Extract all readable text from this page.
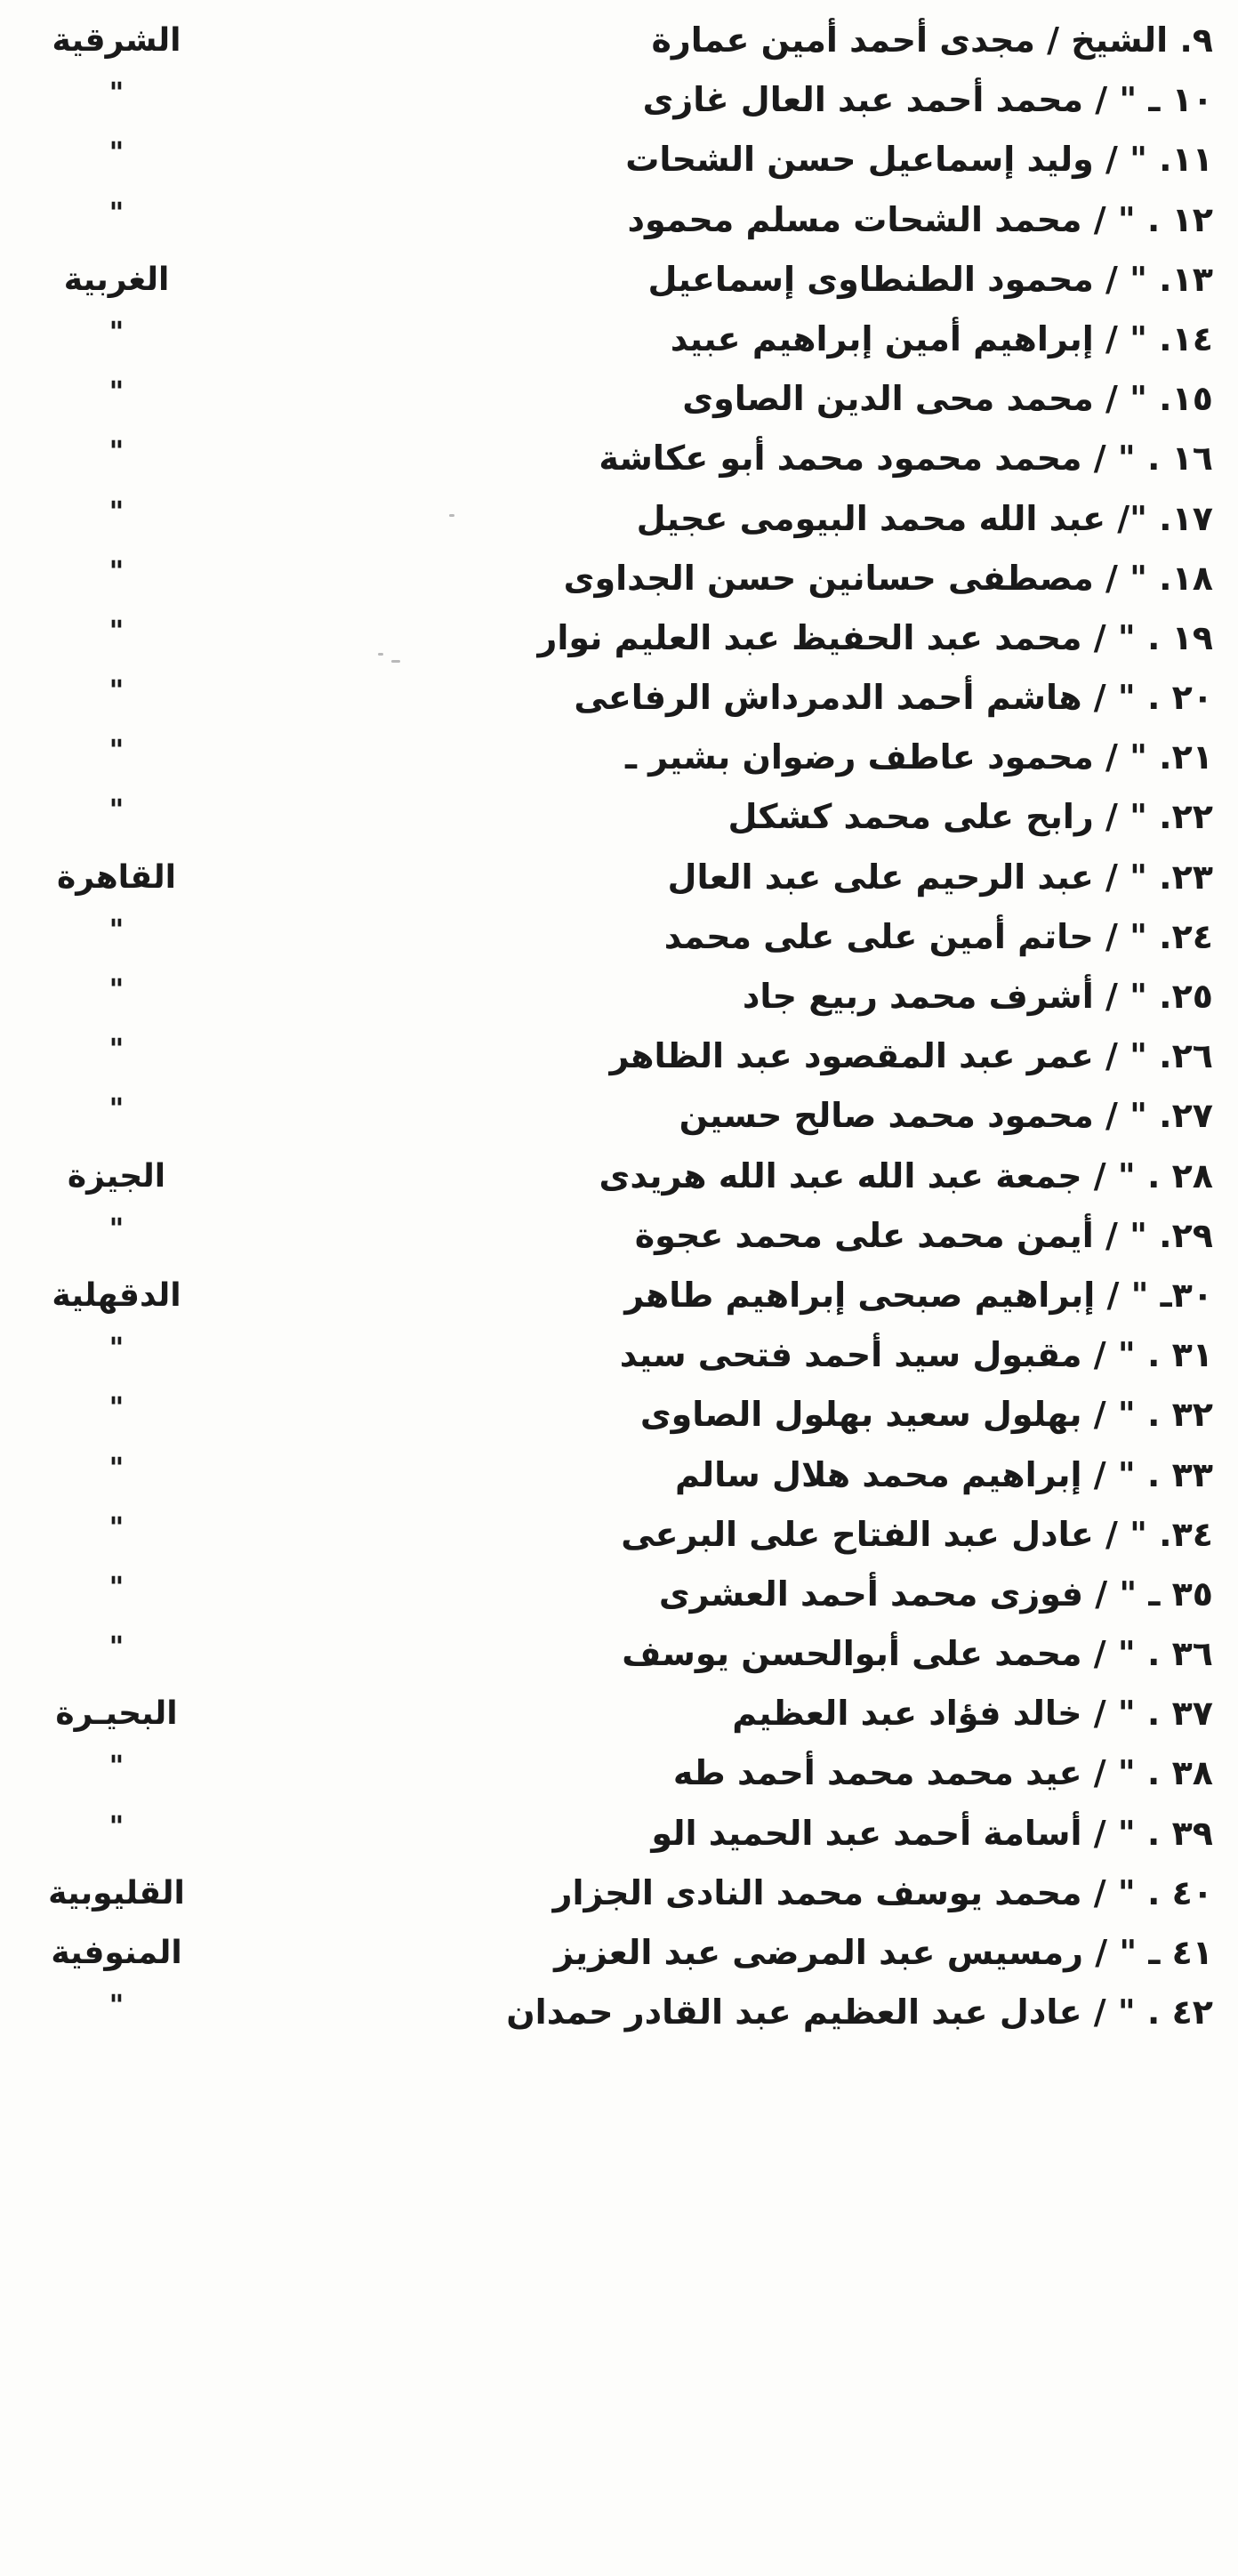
٩. الشيخ / مجدى أحمد أمين عمارة
الشرقية
١٠ ـ " / محمد أحمد عبد العال غازى
"
١١. " / وليد إسماعيل حسن الشحات
"
١٢ . " / محمد الشحات مسلم محمود
"
١٣. " / محمود الطنطاوى إسماعيل
الغربية
١٤. " / إبراهيم أمين إبراهيم عبيد
"
١٥. " / محمد محى الدين الصاوى
"
١٦ . " / محمد محمود محمد أبو عكاشة
"
١٧. "/ عبد الله محمد البيومى عجيل
"
١٨. " / مصطفى حسانين حسن الجداوى
"
١٩ . " / محمد عبد الحفيظ عبد العليم نوار
"
٢٠ . " / هاشم أحمد الدمرداش الرفاعى
"
٢١. " / محمود عاطف رضوان بشير ـ
"
٢٢. " / رابح على محمد كشكل
"
٢٣. " / عبد الرحيم على عبد العال
القاهرة
٢٤. " / حاتم أمين على على محمد
"
٢٥. " / أشرف محمد ربيع جاد
"
٢٦. " / عمر عبد المقصود عبد الظاهر
"
٢٧. " / محمود محمد صالح حسين
"
٢٨ . " / جمعة عبد الله عبد الله هريدى
الجيزة
٢٩. " / أيمن محمد على محمد عجوة
"
٣٠ـ " / إبراهيم صبحى إبراهيم طاهر
الدقهلية
٣١ . " / مقبول سيد أحمد فتحى سيد
"
٣٢ . " / بهلول سعيد بهلول الصاوى
"
٣٣ . " / إبراهيم محمد هلال سالم
"
٣٤. " / عادل عبد الفتاح على البرعى
"
٣٥ ـ " / فوزى محمد أحمد العشرى
"
٣٦ . " / محمد على أبوالحسن يوسف
"
٣٧ . " / خالد فؤاد عبد العظيم
البحيـرة
٣٨ . " / عيد محمد محمد أحمد طه
"
٣٩ . " / أسامة أحمد عبد الحميد الو
"
٤٠ . " / محمد يوسف محمد النادى الجزار
القليوبية
٤١ ـ " / رمسيس عبد المرضى عبد العزيز
المنوفية
٤٢ . " / عادل عبد العظيم عبد القادر حمدان
"
